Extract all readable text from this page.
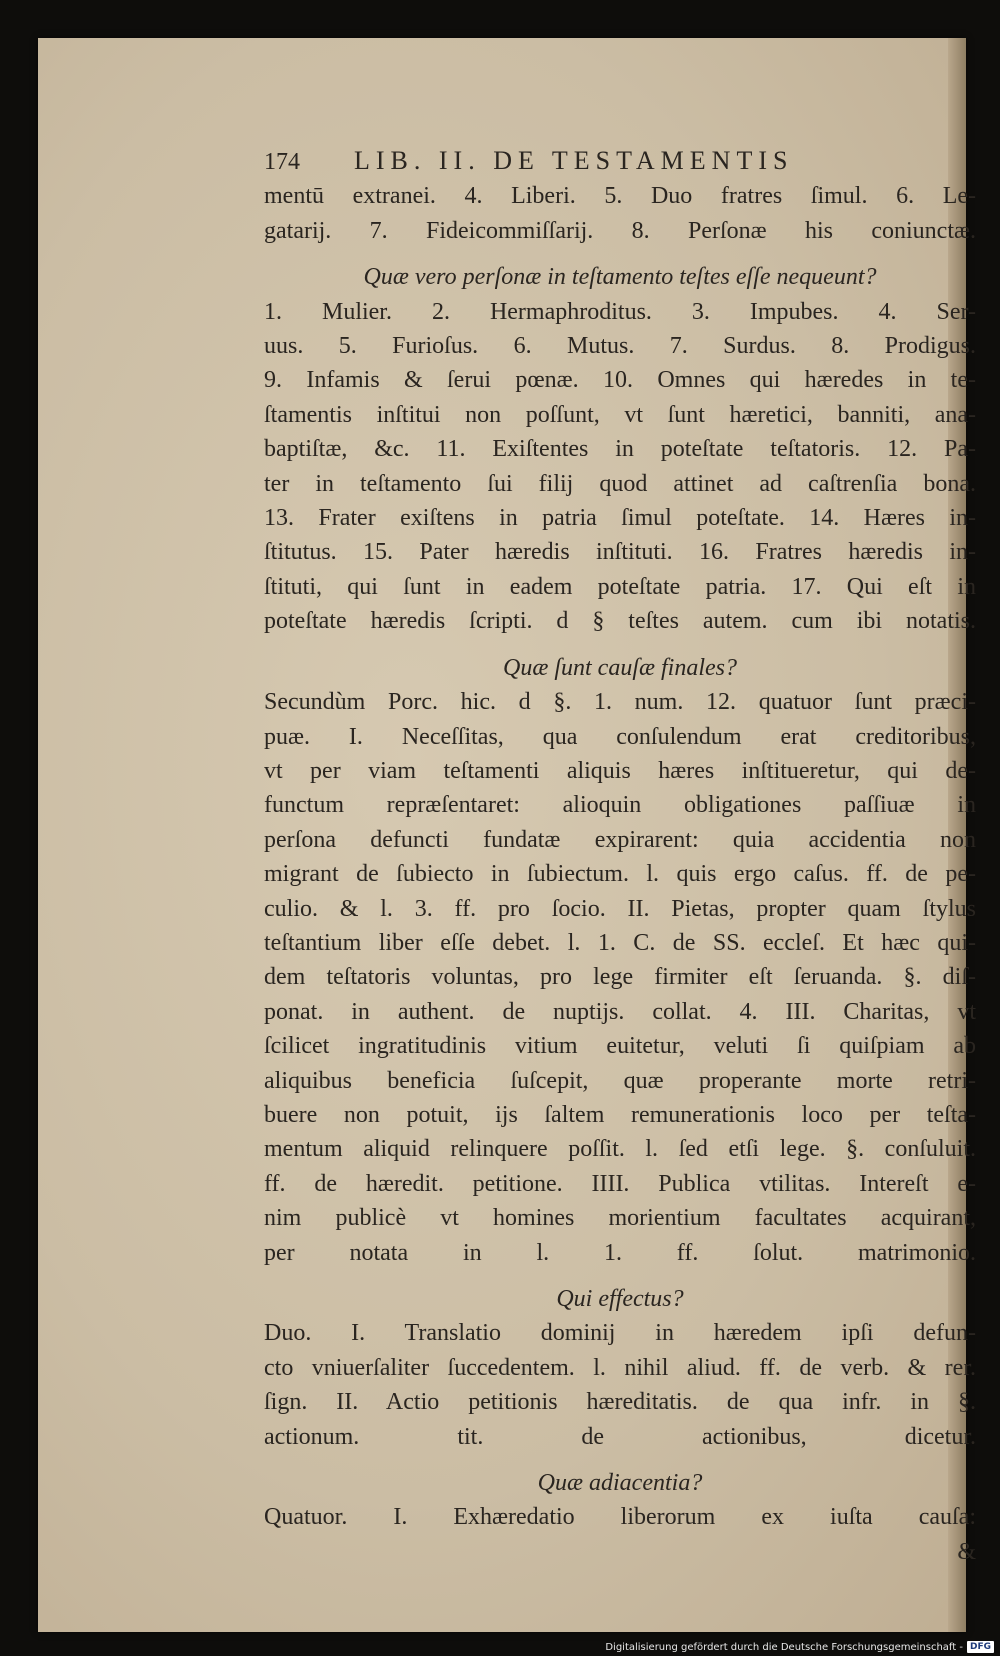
174	LIB. II. DE TESTAMENTIS
mentū extranei. 4. Liberi. 5. Duo fratres ſimul. 6. Le-
gatarij. 7. Fideicommiſſarij. 8. Perſonæ his coniunctæ.
Quæ vero perſonæ in teſtamento teſtes eſſe nequeunt?
1. Mulier. 2. Hermaphroditus. 3. Impubes. 4. Ser-
uus. 5. Furioſus. 6. Mutus. 7. Surdus. 8. Prodigus.
9. Infamis & ſerui pœnæ. 10. Omnes qui hæredes in te-
ſtamentis inſtitui non poſſunt, vt ſunt hæretici, banniti, ana-
baptiſtæ, &c. 11. Exiſtentes in poteſtate teſtatoris. 12. Pa-
ter in teſtamento ſui filij quod attinet ad caſtrenſia bona.
13. Frater exiſtens in patria ſimul poteſtate. 14. Hæres in-
ſtitutus. 15. Pater hæredis inſtituti. 16. Fratres hæredis in-
ſtituti, qui ſunt in eadem poteſtate patria. 17. Qui eſt in
poteſtate hæredis ſcripti. d § teſtes autem. cum ibi notatis.
Quæ ſunt cauſæ finales?
Secundùm Porc. hic. d §. 1. num. 12. quatuor ſunt præci-
puæ. I. Neceſſitas, qua conſulendum erat creditoribus,
vt per viam teſtamenti aliquis hæres inſtitueretur, qui de-
functum repræſentaret: alioquin obligationes paſſiuæ in
perſona defuncti fundatæ expirarent: quia accidentia non
migrant de ſubiecto in ſubiectum. l. quis ergo caſus. ff. de pe-
culio. & l. 3. ff. pro ſocio. II. Pietas, propter quam ſtylus
teſtantium liber eſſe debet. l. 1. C. de SS. eccleſ. Et hæc qui-
dem teſtatoris voluntas, pro lege firmiter eſt ſeruanda. §. diſ-
ponat. in authent. de nuptijs. collat. 4. III. Charitas, vt
ſcilicet ingratitudinis vitium euitetur, veluti ſi quiſpiam ab
aliquibus beneficia ſuſcepit, quæ properante morte retri-
buere non potuit, ijs ſaltem remunerationis loco per teſta-
mentum aliquid relinquere poſſit. l. ſed etſi lege. §. conſuluit.
ff. de hæredit. petitione. IIII. Publica vtilitas. Intereſt e-
nim publicè vt homines morientium facultates acquirant,
per notata in l. 1. ff. ſolut. matrimonio.
Qui effectus?
Duo. I. Translatio dominij in hæredem ipſi defun-
cto vniuerſaliter ſuccedentem. l. nihil aliud. ff. de verb. & rer.
ſign. II. Actio petitionis hæreditatis. de qua infr. in §.
actionum. tit. de actionibus, dicetur.
Quæ adiacentia?
Quatuor. I. Exhæredatio liberorum ex iuſta cauſa:
&
Digitalisierung gefördert durch die Deutsche Forschungsgemeinschaft - DFG
